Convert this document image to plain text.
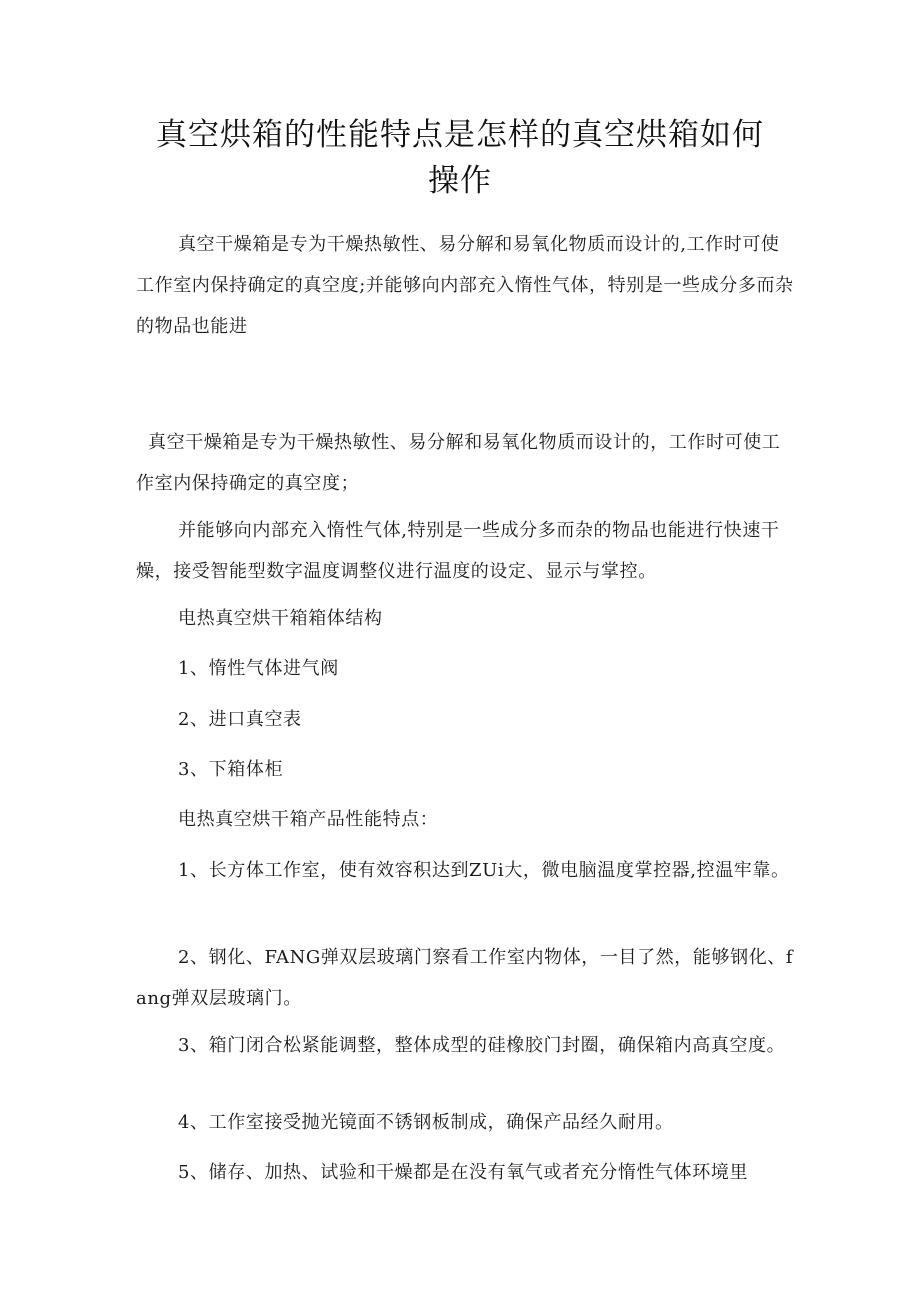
真空烘箱的性能特点是怎样的真空烘箱如何
操作

真空干燥箱是专为干燥热敏性、易分解和易氧化物质而设计的,工作时可使工作室内保持确定的真空度;并能够向内部充入惰性气体，特别是一些成分多而杂的物品也能进

真空干燥箱是专为干燥热敏性、易分解和易氧化物质而设计的，工作时可使工作室内保持确定的真空度；

并能够向内部充入惰性气体,特别是一些成分多而杂的物品也能进行快速干燥，接受智能型数字温度调整仪进行温度的设定、显示与掌控。

电热真空烘干箱箱体结构

1、惰性气体进气阀

2、进口真空表

3、下箱体柜

电热真空烘干箱产品性能特点：

1、长方体工作室，使有效容积达到ZUi大，微电脑温度掌控器,控温牢靠。

2、钢化、FANG弹双层玻璃门察看工作室内物体，一目了然，能够钢化、fang弹双层玻璃门。

3、箱门闭合松紧能调整，整体成型的硅橡胶门封圈，确保箱内高真空度。

4、工作室接受抛光镜面不锈钢板制成，确保产品经久耐用。

5、储存、加热、试验和干燥都是在没有氧气或者充分惰性气体环境里
